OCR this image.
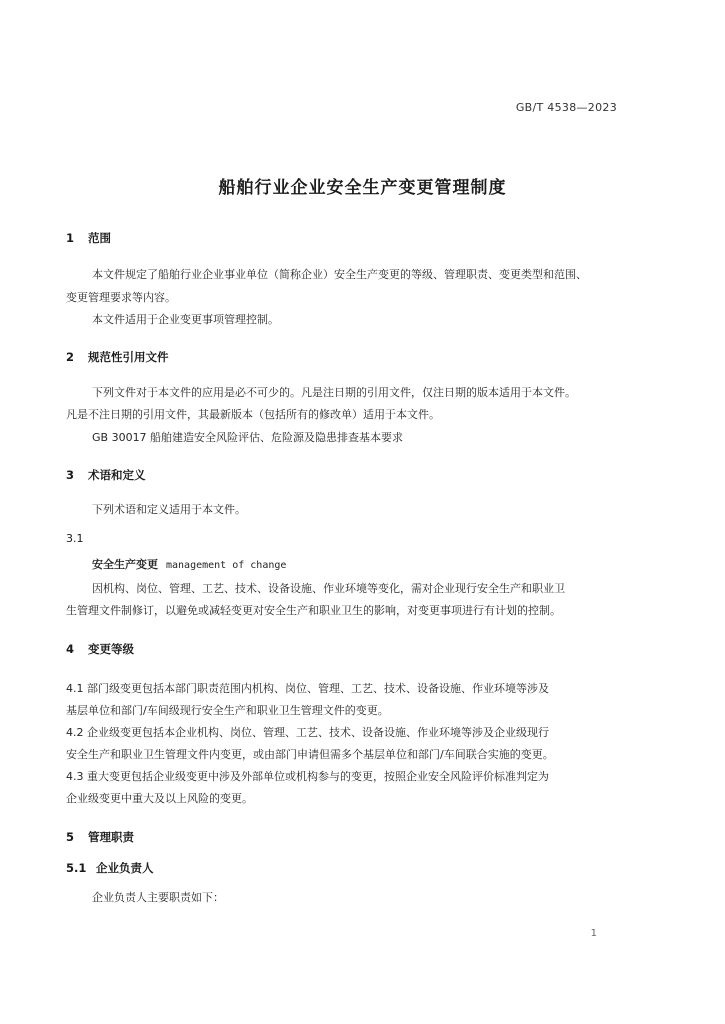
GB/T 4538—2023
船舶行业企业安全生产变更管理制度
1 范围
本文件规定了船舶行业企业事业单位（简称企业）安全生产变更的等级、管理职责、变更类型和范围、
变更管理要求等内容。
本文件适用于企业变更事项管理控制。
2 规范性引用文件
下列文件对于本文件的应用是必不可少的。凡是注日期的引用文件，仅注日期的版本适用于本文件。
凡是不注日期的引用文件，其最新版本（包括所有的修改单）适用于本文件。
GB 30017 船舶建造安全风险评估、危险源及隐患排查基本要求
3 术语和定义
下列术语和定义适用于本文件。
3.1
安全生产变更 management of change
因机构、岗位、管理、工艺、技术、设备设施、作业环境等变化，需对企业现行安全生产和职业卫
生管理文件制修订，以避免或减轻变更对安全生产和职业卫生的影响，对变更事项进行有计划的控制。
4 变更等级
4.1 部门级变更包括本部门职责范围内机构、岗位、管理、工艺、技术、设备设施、作业环境等涉及
基层单位和部门/车间级现行安全生产和职业卫生管理文件的变更。
4.2 企业级变更包括本企业机构、岗位、管理、工艺、技术、设备设施、作业环境等涉及企业级现行
安全生产和职业卫生管理文件内变更，或由部门申请但需多个基层单位和部门/车间联合实施的变更。
4.3 重大变更包括企业级变更中涉及外部单位或机构参与的变更，按照企业安全风险评价标准判定为
企业级变更中重大及以上风险的变更。
5 管理职责
5.1 企业负责人
企业负责人主要职责如下：
1
